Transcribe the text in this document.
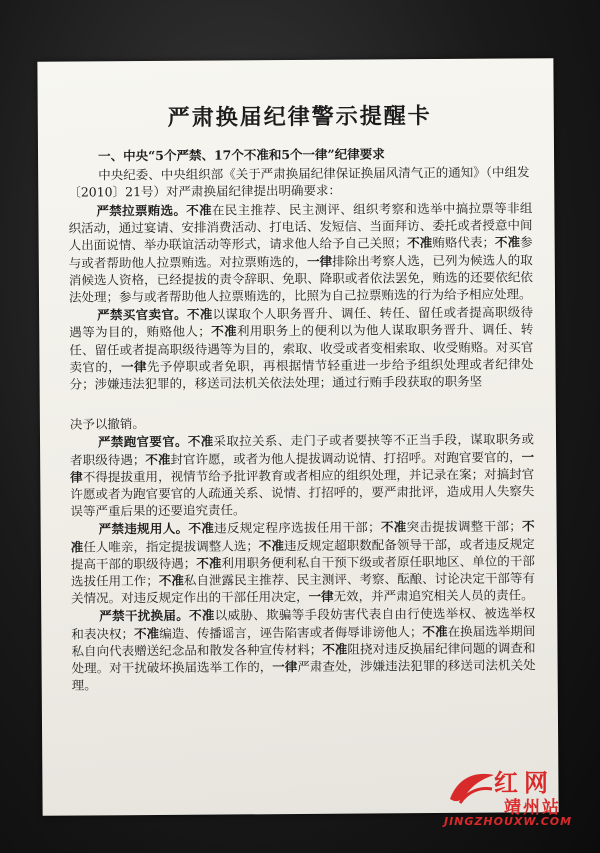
严肃换届纪律警示提醒卡
一、中央“5个严禁、17个不准和5个一律”纪律要求
中央纪委、中央组织部《关于严肃换届纪律保证换届风清气正的通知》（中组发〔2010〕21号）对严肃换届纪律提出明确要求：
严禁拉票贿选。不准在民主推荐、民主测评、组织考察和选举中搞拉票等非组织活动，通过宴请、安排消费活动、打电话、发短信、当面拜访、委托或者授意中间人出面说情、举办联谊活动等形式，请求他人给予自己关照；不准贿赂代表；不准参与或者帮助他人拉票贿选。对拉票贿选的，一律排除出考察人选，已列为候选人的取消候选人资格，已经提拔的责令辞职、免职、降职或者依法罢免，贿选的还要依纪依法处理；参与或者帮助他人拉票贿选的，比照为自己拉票贿选的行为给予相应处理。
严禁买官卖官。不准以谋取个人职务晋升、调任、转任、留任或者提高职级待遇等为目的，贿赂他人；不准利用职务上的便利以为他人谋取职务晋升、调任、转任、留任或者提高职级待遇等为目的，索取、收受或者变相索取、收受贿赂。对买官卖官的，一律先予停职或者免职，再根据情节轻重进一步给予组织处理或者纪律处分；涉嫌违法犯罪的，移送司法机关依法处理；通过行贿手段获取的职务坚
决予以撤销。
严禁跑官要官。不准采取拉关系、走门子或者要挟等不正当手段，谋取职务或者职级待遇；不准封官许愿，或者为他人提拔调动说情、打招呼。对跑官要官的，一律不得提拔重用，视情节给予批评教育或者相应的组织处理，并记录在案；对搞封官许愿或者为跑官要官的人疏通关系、说情、打招呼的，要严肃批评，造成用人失察失误等严重后果的还要追究责任。
严禁违规用人。不准违反规定程序选拔任用干部；不准突击提拔调整干部；不准任人唯亲，指定提拔调整人选；不准违反规定超职数配备领导干部，或者违反规定提高干部的职级待遇；不准利用职务便利私自干预下级或者原任职地区、单位的干部选拔任用工作；不准私自泄露民主推荐、民主测评、考察、酝酿、讨论决定干部等有关情况。对违反规定作出的干部任用决定，一律无效，并严肃追究相关人员的责任。
严禁干扰换届。不准以威胁、欺骗等手段妨害代表自由行使选举权、被选举权和表决权；不准编造、传播谣言，诬告陷害或者侮辱诽谤他人；不准在换届选举期间私自向代表赠送纪念品和散发各种宣传材料；不准阻挠对违反换届纪律问题的调查和处理。对干扰破坏换届选举工作的，一律严肃查处，涉嫌违法犯罪的移送司法机关处理。
红网
靖州站
JINGZHOUXW.COM
